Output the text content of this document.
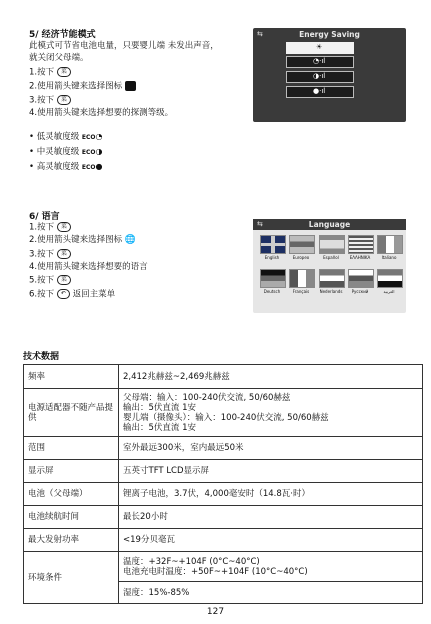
5/ 经济节能模式
此模式可节省电池电量，只要婴儿端 未发出声音，
就关闭父母端。
1.按下 菜
2.使用箭头键来选择图标
3.按下 菜
4.使用箭头键来选择想要的探测等级。
• 低灵敏度级 ECO◔
• 中灵敏度级 ECO◑
• 高灵敏度级 ECO●
⇆	Energy Saving
☀
◔·ıl
◑·ıl
●·ıl
6/ 语言
1.按下 菜
2.使用箭头键来选择图标 🌐
3.按下 菜
4.使用箭头键来选择想要的语言
5.按下 菜
6.按下 ↶ 返回主菜单
⇆	Language
English	Europeo	Español	ΕΛΛΗΝΙΚΑ	Italiano
Deutsch	Français	Nederlands	Русский	العربية
技术数据
频率	2,412兆赫兹~2,469兆赫兹
电源适配器不随产品提供	父母端：输入：100-240伏交流, 50/60赫兹
输出：5伏直流 1安
婴儿端（摄像头）：输入：100-240伏交流, 50/60赫兹
输出：5伏直流 1安

范围	室外最远300米，室内最远50米
显示屏	五英寸TFT LCD显示屏
电池（父母端）	锂离子电池，3.7伏，4,000毫安时（14.8瓦·时）
电池续航时间	最长20小时
最大发射功率	<19分贝毫瓦
环境条件	温度：+32F~+104F (0°C~40°C)
电池充电时温度：+50F~+104F (10°C~40°C)

	湿度：15%-85%
127
